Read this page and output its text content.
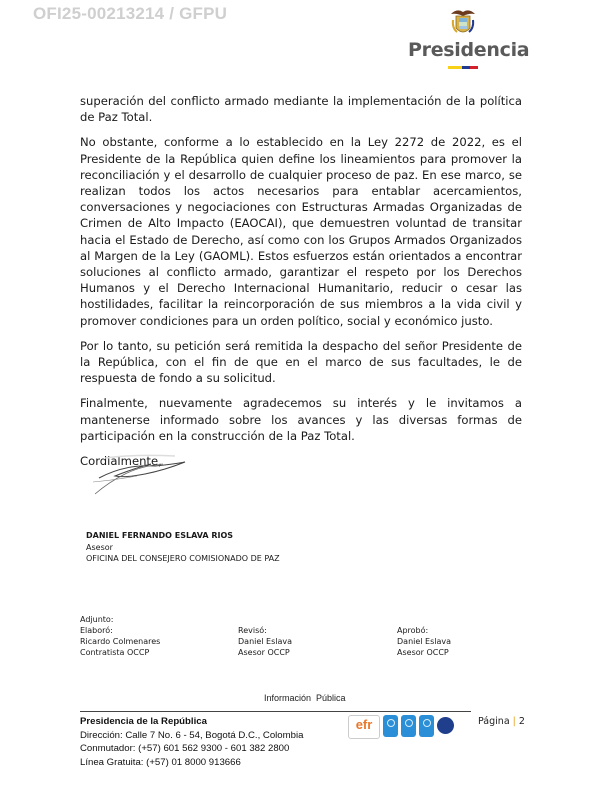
OFI25-00213214 / GFPU
Presidencia

superación del conflicto armado mediante la implementación de la política de Paz Total.

No obstante, conforme a lo establecido en la Ley 2272 de 2022, es el Presidente de la República quien define los lineamientos para promover la reconciliación y el desarrollo de cualquier proceso de paz. En ese marco, se realizan todos los actos necesarios para entablar acercamientos, conversaciones y negociaciones con Estructuras Armadas Organizadas de Crimen de Alto Impacto (EAOCAI), que demuestren voluntad de transitar hacia el Estado de Derecho, así como con los Grupos Armados Organizados al Margen de la Ley (GAOML). Estos esfuerzos están orientados a encontrar soluciones al conflicto armado, garantizar el respeto por los Derechos Humanos y el Derecho Internacional Humanitario, reducir o cesar las hostilidades, facilitar la reincorporación de sus miembros a la vida civil y promover condiciones para un orden político, social y económico justo.

Por lo tanto, su petición será remitida la despacho del señor Presidente de la República, con el fin de que en el marco de sus facultades, le de respuesta de fondo a su solicitud.

Finalmente, nuevamente agradecemos su interés y le invitamos a mantenerse informado sobre los avances y las diversas formas de participación en la construcción de la Paz Total.

Cordialmente,

DANIEL FERNANDO ESLAVA RIOS
Asesor
OFICINA DEL CONSEJERO COMISIONADO DE PAZ
Adjunto:
Elaboró:
Ricardo Colmenares
Contratista OCCP
Revisó:
Daniel Eslava
Asesor OCCP
Aprobó:
Daniel Eslava
Asesor OCCP
Información  Pública
Presidencia de la República
Dirección: Calle 7 No. 6 - 54, Bogotá D.C., Colombia
Conmutador: (+57) 601 562 9300 - 601 382 2800
Línea Gratuita: (+57) 01 8000 913666
efr	Página | 2
